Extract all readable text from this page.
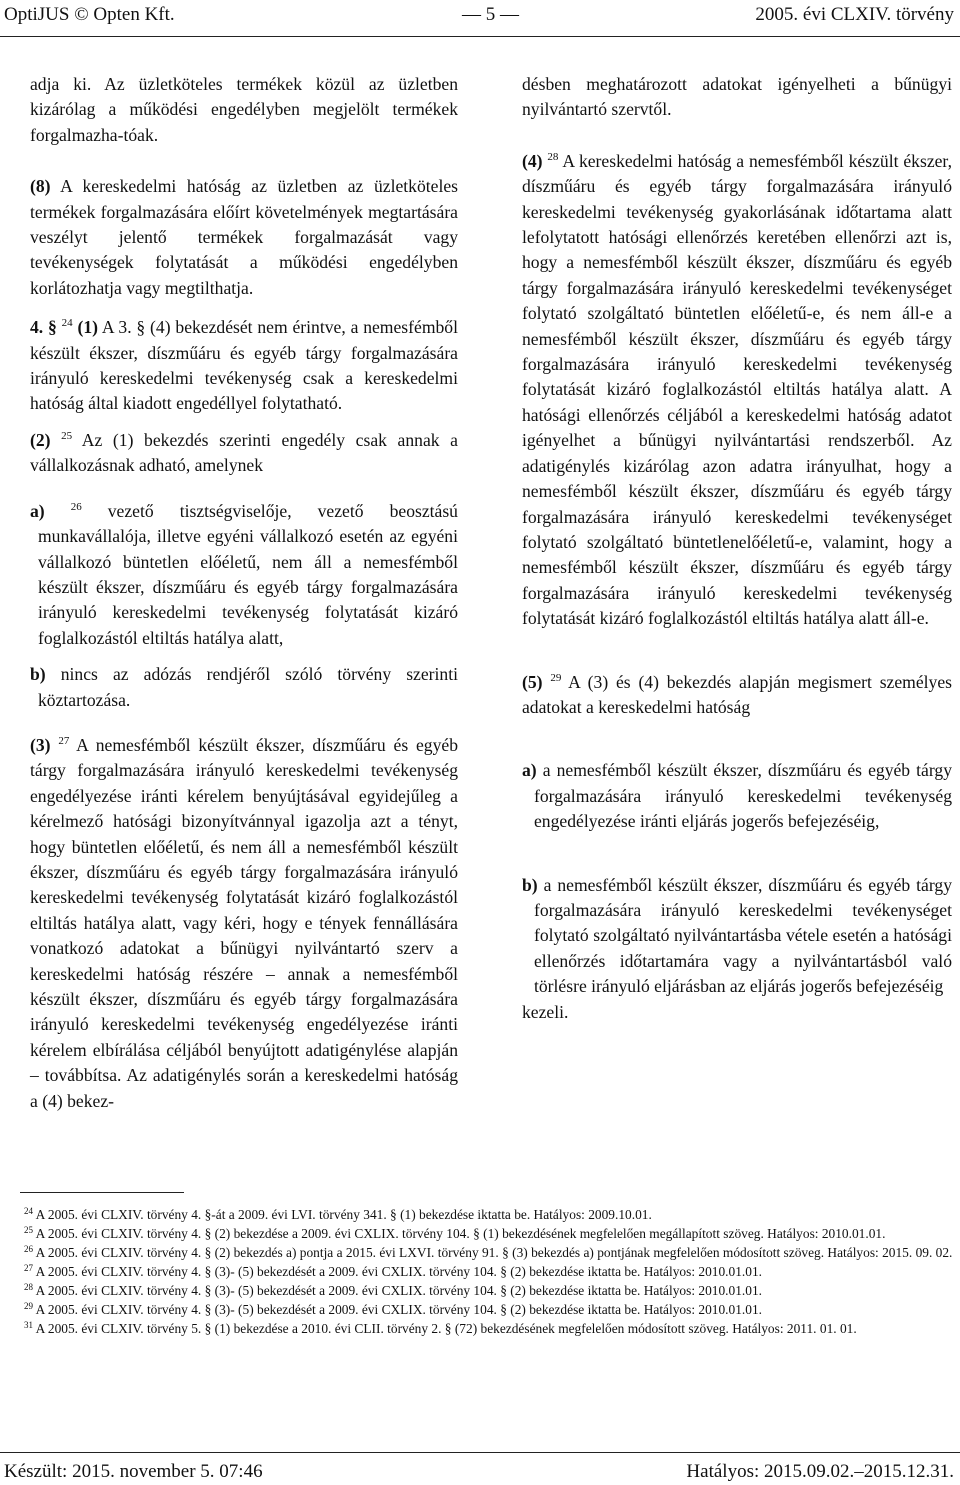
OptiJUS © Opten Kft.	— 5 —	2005. évi CLXIV. törvény

adja ki. Az üzletköteles termékek közül az üzletben kizárólag a működési engedélyben megjelölt termékek forgalmazha-tóak.

(8) A kereskedelmi hatóság az üzletben az üzletköteles termékek forgalmazására előírt követelmények megtartására veszélyt jelentő termékek forgalmazását vagy tevékenységek folytatását a működési engedélyben korlátozhatja vagy megtilthatja.

4. § $^{24}$ (1) A 3. § (4) bekezdését nem érintve, a nemesfémből készült ékszer, díszműáru és egyéb tárgy forgalmazására irányuló kereskedelmi tevékenység csak a kereskedelmi hatóság által kiadott engedéllyel folytatható.

(2) $^{25}$ Az (1) bekezdés szerinti engedély csak annak a vállalkozásnak adható, amelynek

a) $^{26}$ vezető tisztségviselője, vezető beosztású munkavállalója, illetve egyéni vállalkozó esetén az egyéni vállalkozó büntetlen előéletű, nem áll a nemesfémből készült ékszer, díszműáru és egyéb tárgy forgalmazására irányuló kereskedelmi tevékenység folytatását kizáró foglalkozástól eltiltás hatálya alatt,

b) nincs az adózás rendjéről szóló törvény szerinti köztartozása.

(3) $^{27}$ A nemesfémből készült ékszer, díszműáru és egyéb tárgy forgalmazására irányuló kereskedelmi tevékenység engedélyezése iránti kérelem benyújtásával egyidejűleg a kérelmező hatósági bizonyítvánnyal igazolja azt a tényt, hogy büntetlen előéletű, és nem áll a nemesfémből készült ékszer, díszműáru és egyéb tárgy forgalmazására irányuló kereskedelmi tevékenység folytatását kizáró foglalkozástól eltiltás hatálya alatt, vagy kéri, hogy e tények fennállására vonatkozó adatokat a bűnügyi nyilvántartó szerv a kereskedelmi hatóság részére – annak a nemesfémből készült ékszer, díszműáru és egyéb tárgy forgalmazására irányuló kereskedelmi tevékenység engedélyezése iránti kérelem elbírálása céljából benyújtott adatigénylése alapján – továbbítsa. Az adatigénylés során a kereskedelmi hatóság a (4) bekez-

désben meghatározott adatokat igényelheti a bűnügyi nyilvántartó szervtől.

(4) $^{28}$ A kereskedelmi hatóság a nemesfémből készült ékszer, díszműáru és egyéb tárgy forgalmazására irányuló kereskedelmi tevékenység gyakorlásának időtartama alatt lefolytatott hatósági ellenőrzés keretében ellenőrzi azt is, hogy a nemesfémből készült ékszer, díszműáru és egyéb tárgy forgalmazására irányuló kereskedelmi tevékenységet folytató szolgáltató büntetlen előéletű-e, és nem áll-e a nemesfémből készült ékszer, díszműáru és egyéb tárgy forgalmazására irányuló kereskedelmi tevékenység folytatását kizáró foglalkozástól eltiltás hatálya alatt. A hatósági ellenőrzés céljából a kereskedelmi hatóság adatot igényelhet a bűnügyi nyilvántartási rendszerből. Az adatigénylés kizárólag azon adatra irányulhat, hogy a nemesfémből készült ékszer, díszműáru és egyéb tárgy forgalmazására irányuló kereskedelmi tevékenységet folytató szolgáltató büntetlenelőéletű-e, valamint, hogy a nemesfémből készült ékszer, díszműáru és egyéb tárgy forgalmazására irányuló kereskedelmi tevékenység folytatását kizáró foglalkozástól eltiltás hatálya alatt áll-e.

(5) $^{29}$ A (3) és (4) bekezdés alapján megismert személyes adatokat a kereskedelmi hatóság

a) a nemesfémből készült ékszer, díszműáru és egyéb tárgy forgalmazására irányuló kereskedelmi tevékenység engedélyezése iránti eljárás jogerős befejezéséig,

b) a nemesfémből készült ékszer, díszműáru és egyéb tárgy forgalmazására irányuló kereskedelmi tevékenységet folytató szolgáltató nyilvántartásba vétele esetén a hatósági ellenőrzés időtartamára vagy a nyilvántartásból való törlésre irányuló eljárásban az eljárás jogerős befejezéséig
kezeli.

$^{24}$ A 2005. évi CLXIV. törvény 4. §-át a 2009. évi LVI. törvény 341. § (1) bekezdése iktatta be. Hatályos: 2009.10.01.

$^{25}$ A 2005. évi CLXIV. törvény 4. § (2) bekezdése a 2009. évi CXLIX. törvény 104. § (1) bekezdésének megfelelően megállapított szöveg. Hatályos: 2010.01.01.

$^{26}$ A 2005. évi CLXIV. törvény 4. § (2) bekezdés a) pontja a 2015. évi LXVI. törvény 91. § (3) bekezdés a) pontjának megfelelően módosított szöveg. Hatályos: 2015. 09. 02.

$^{27}$ A 2005. évi CLXIV. törvény 4. § (3)- (5) bekezdését a 2009. évi CXLIX. törvény 104. § (2) bekezdése iktatta be. Hatályos: 2010.01.01.

$^{28}$ A 2005. évi CLXIV. törvény 4. § (3)- (5) bekezdését a 2009. évi CXLIX. törvény 104. § (2) bekezdése iktatta be. Hatályos: 2010.01.01.

$^{29}$ A 2005. évi CLXIV. törvény 4. § (3)- (5) bekezdését a 2009. évi CXLIX. törvény 104. § (2) bekezdése iktatta be. Hatályos: 2010.01.01.

$^{31}$ A 2005. évi CLXIV. törvény 5. § (1) bekezdése a 2010. évi CLII. törvény 2. § (72) bekezdésének megfelelően módosított szöveg. Hatályos: 2011. 01. 01.

Készült: 2015. november 5. 07:46	Hatályos: 2015.09.02.–2015.12.31.
